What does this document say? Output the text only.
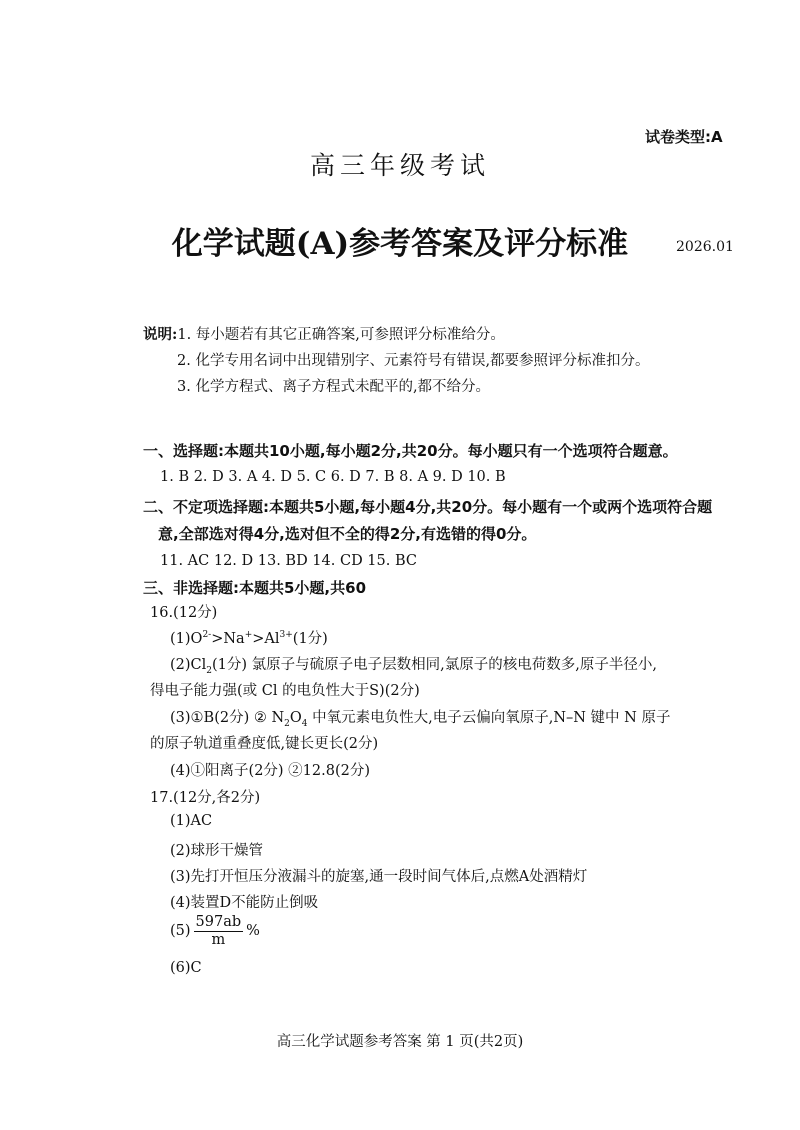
试卷类型:A
高三年级考试
化学试题(A)参考答案及评分标准	2026.01
说明:1. 每小题若有其它正确答案,可参照评分标准给分。
2. 化学专用名词中出现错别字、元素符号有错误,都要参照评分标准扣分。
3. 化学方程式、离子方程式未配平的,都不给分。
一、选择题:本题共10小题,每小题2分,共20分。每小题只有一个选项符合题意。
1. B 2. D 3. A 4. D 5. C 6. D 7. B 8. A 9. D 10. B
二、不定项选择题:本题共5小题,每小题4分,共20分。每小题有一个或两个选项符合题
意,全部选对得4分,选对但不全的得2分,有选错的得0分。
11. AC 12. D 13. BD 14. CD 15. BC
三、非选择题:本题共5小题,共60
16.(12分)
$(1)O^{2-}>Na^+>Al^{3+}(1$分)
$(2)Cl_2(1$分) 氯原子与硫原子电子层数相同,氯原子的核电荷数多,原子半径小,
得电子能力强(或 Cl 的电负性大于S)(2分)
(3)①B(2分) ② $N_2O_4$ 中氧元素电负性大,电子云偏向氧原子,N–N 键中 N 原子
的原子轨道重叠度低,键长更长(2分)
(4)①阳离子(2分) ②12.8(2分)
17.(12分,各2分)
(1)AC
(2)球形干燥管
(3)先打开恒压分液漏斗的旋塞,通一段时间气体后,点燃A处酒精灯
(4)装置D不能防止倒吸
$(5) \frac{597ab}{m}$ %
(6)C
高三化学试题参考答案 第 1 页(共2页)
